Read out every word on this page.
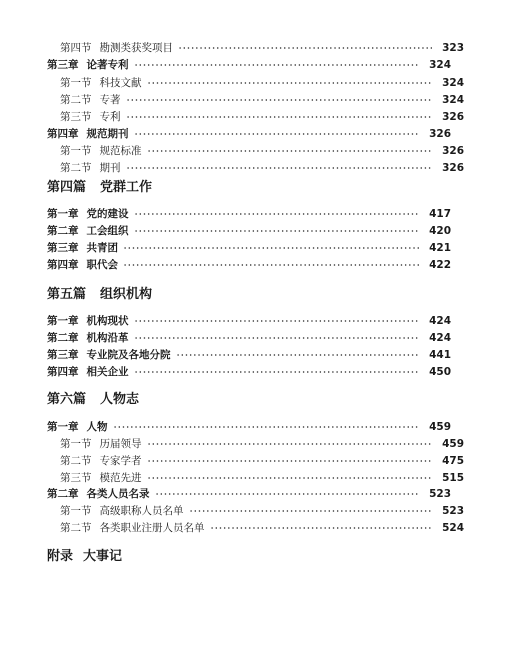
第四节 勘测类获奖项目	323
第三章 论著专利	324
第一节 科技文献	324
第二节 专著	324
第三节 专利	326
第四章 规范期刊	326
第一节 规范标准	326
第二节 期刊	326
第四篇 党群工作
第一章 党的建设	417
第二章 工会组织	420
第三章 共青团	421
第四章 职代会	422
第五篇 组织机构
第一章 机构现状	424
第二章 机构沿革	424
第三章 专业院及各地分院	441
第四章 相关企业	450
第六篇 人物志
第一章 人物	459
第一节 历届领导	459
第二节 专家学者	475
第三节 模范先进	515
第二章 各类人员名录	523
第一节 高级职称人员名单	523
第二节 各类职业注册人员名单	524
附录 大事记
